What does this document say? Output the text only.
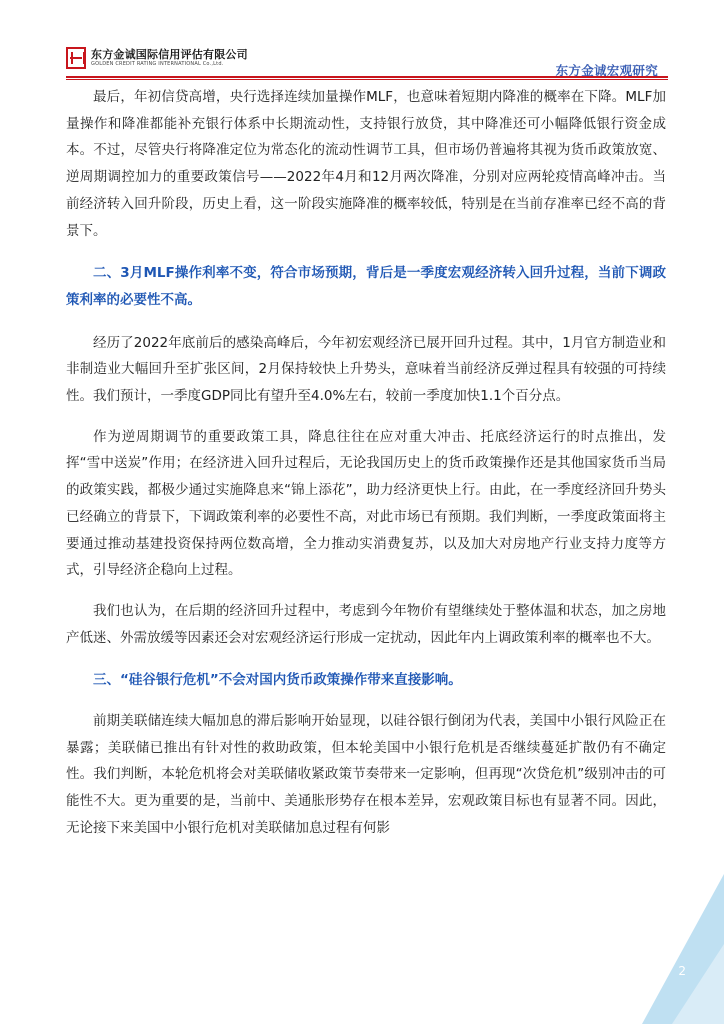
东方金诚国际信用评估有限公司
GOLDEN CREDIT RATING INTERNATIONAL Co.,Ltd.	东方金诚宏观研究

最后，年初信贷高增，央行选择连续加量操作MLF，也意味着短期内降准的概率在下降。MLF加量操作和降准都能补充银行体系中长期流动性，支持银行放贷，其中降准还可小幅降低银行资金成本。不过，尽管央行将降准定位为常态化的流动性调节工具，但市场仍普遍将其视为货币政策放宽、逆周期调控加力的重要政策信号——2022年4月和12月两次降准，分别对应两轮疫情高峰冲击。当前经济转入回升阶段，历史上看，这一阶段实施降准的概率较低，特别是在当前存准率已经不高的背景下。

二、3月MLF操作利率不变，符合市场预期，背后是一季度宏观经济转入回升过程，当前下调政策利率的必要性不高。

经历了2022年底前后的感染高峰后，今年初宏观经济已展开回升过程。其中，1月官方制造业和非制造业大幅回升至扩张区间，2月保持较快上升势头，意味着当前经济反弹过程具有较强的可持续性。我们预计，一季度GDP同比有望升至4.0%左右，较前一季度加快1.1个百分点。

作为逆周期调节的重要政策工具，降息往往在应对重大冲击、托底经济运行的时点推出，发挥“雪中送炭”作用；在经济进入回升过程后，无论我国历史上的货币政策操作还是其他国家货币当局的政策实践，都极少通过实施降息来“锦上添花”，助力经济更快上行。由此，在一季度经济回升势头已经确立的背景下，下调政策利率的必要性不高，对此市场已有预期。我们判断，一季度政策面将主要通过推动基建投资保持两位数高增，全力推动实消费复苏，以及加大对房地产行业支持力度等方式，引导经济企稳向上过程。

我们也认为，在后期的经济回升过程中，考虑到今年物价有望继续处于整体温和状态，加之房地产低迷、外需放缓等因素还会对宏观经济运行形成一定扰动，因此年内上调政策利率的概率也不大。

三、“硅谷银行危机”不会对国内货币政策操作带来直接影响。

前期美联储连续大幅加息的滞后影响开始显现，以硅谷银行倒闭为代表，美国中小银行风险正在暴露；美联储已推出有针对性的救助政策，但本轮美国中小银行危机是否继续蔓延扩散仍有不确定性。我们判断，本轮危机将会对美联储收紧政策节奏带来一定影响，但再现“次贷危机”级别冲击的可能性不大。更为重要的是，当前中、美通胀形势存在根本差异，宏观政策目标也有显著不同。因此，无论接下来美国中小银行危机对美联储加息过程有何影

2
